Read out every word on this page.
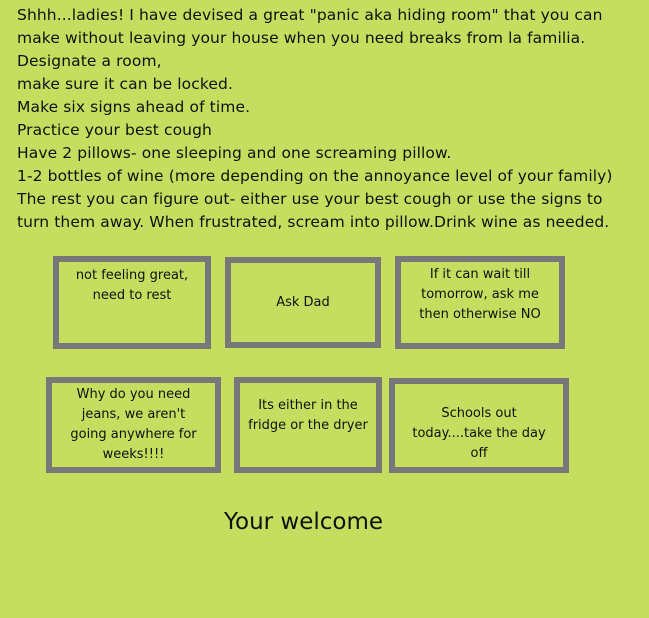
Shhh...ladies! I have devised a great "panic aka hiding room" that you can
make without leaving your house when you need breaks from la familia.
Designate a room,
make sure it can be locked.
Make six signs ahead of time.
Practice your best cough
Have 2 pillows- one sleeping and one screaming pillow.
1-2 bottles of wine (more depending on the annoyance level of your family)
The rest you can figure out- either use your best cough or use the signs to
turn them away. When frustrated, scream into pillow.Drink wine as needed.
not feeling great,
need to rest	Ask Dad
If it can wait till
tomorrow, ask me
then otherwise NO
Why do you need
jeans, we aren't
going anywhere for
weeks!!!!
Its either in the
fridge or the dryer
Schools out
today....take the day
off
Your welcome
